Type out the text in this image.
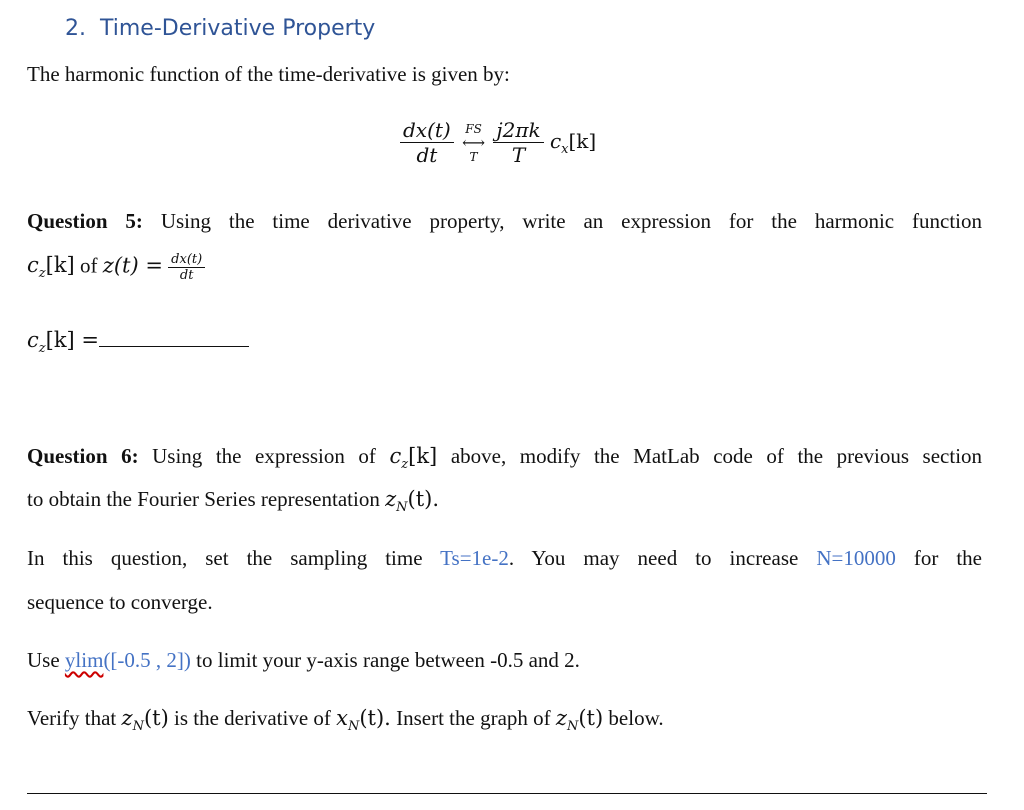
2. Time-Derivative Property
The harmonic function of the time-derivative is given by:
$\frac{dx(t)}{dt}$
FS
⟷
T
$\frac{j2\pi k}{T} c_x[k]$
Question 5: Using the time derivative property, write an expression for the harmonic function
$c_z[k]$ of $z(t) = \frac{dx(t)}{dt}$
$c_z[k]$ =
Question 6: Using the expression of $c_z[k]$ above, modify the MatLab code of the previous section
to obtain the Fourier Series representation $z_N(t)$.
In this question, set the sampling time Ts=1e-2. You may need to increase N=10000 for the
sequence to converge.
Use ylim([-0.5 , 2]) to limit your y-axis range between -0.5 and 2.
Verify that $z_N(t)$ is the derivative of $x_N(t)$. Insert the graph of $z_N(t)$ below.
